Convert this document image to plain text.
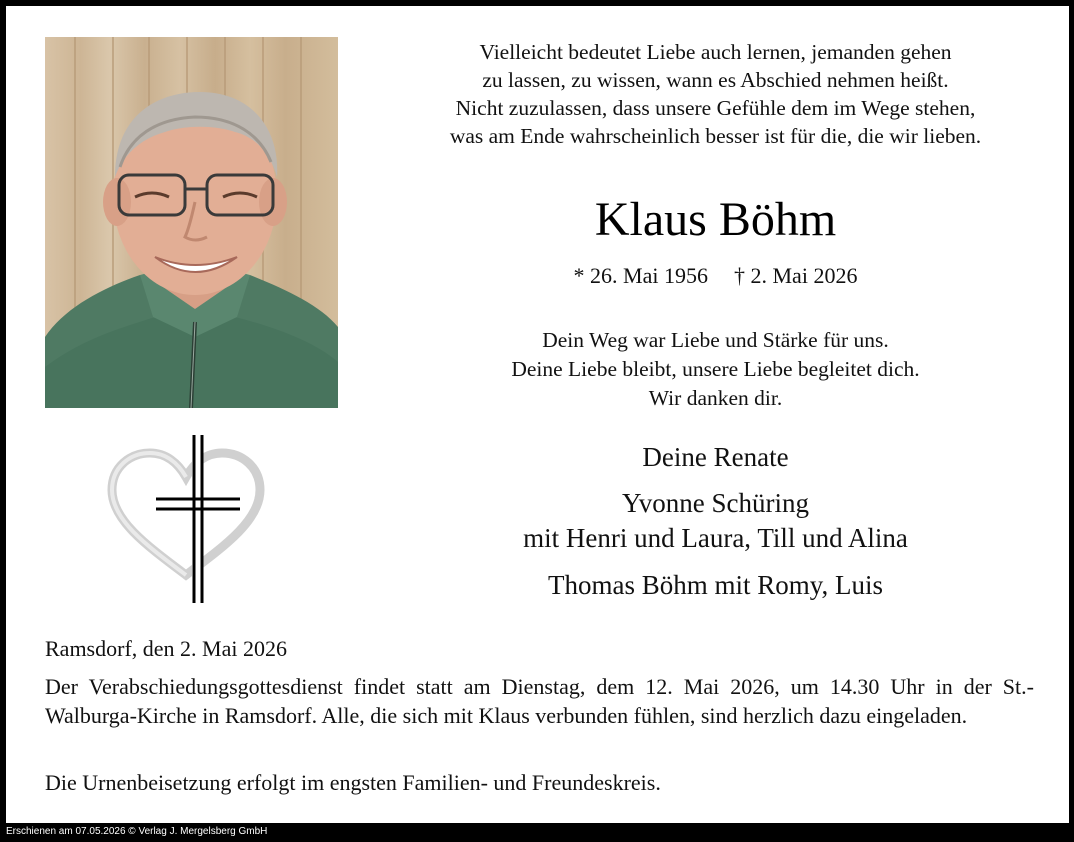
Vielleicht bedeutet Liebe auch lernen, jemanden gehen
zu lassen, zu wissen, wann es Abschied nehmen heißt.
Nicht zuzulassen, dass unsere Gefühle dem im Wege stehen,
was am Ende wahrscheinlich besser ist für die, die wir lieben.
Klaus Böhm
* 26. Mai 1956 † 2. Mai 2026
Dein Weg war Liebe und Stärke für uns.
Deine Liebe bleibt, unsere Liebe begleitet dich.
Wir danken dir.
Deine Renate
Yvonne Schüring
mit Henri und Laura, Till und Alina
Thomas Böhm mit Romy, Luis
Ramsdorf, den 2. Mai 2026
Der Verabschiedungsgottesdienst findet statt am Dienstag, dem 12. Mai 2026, um 14.30 Uhr in der St.-Walburga-Kirche in Ramsdorf. Alle, die sich mit Klaus verbunden fühlen, sind herzlich dazu eingeladen.
Die Urnenbeisetzung erfolgt im engsten Familien- und Freundeskreis.
Erschienen am 07.05.2026 © Verlag J. Mergelsberg GmbH
